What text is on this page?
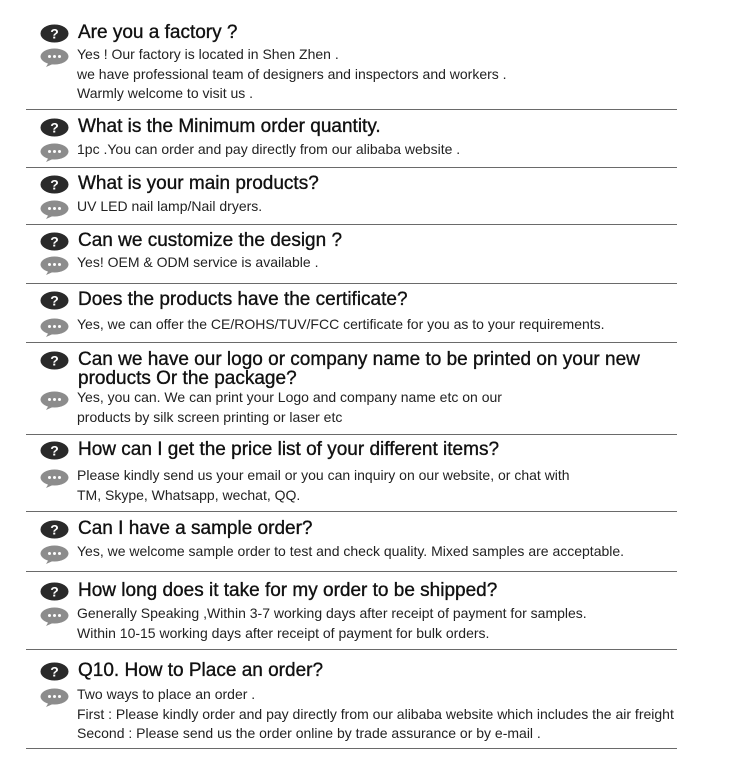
? Are you a factory ?
Yes ! Our factory is located in Shen Zhen .
we have professional team of designers and inspectors and workers .
Warmly welcome to visit us .
? What is the Minimum order quantity.
1pc .You can order and pay directly from our alibaba website .
? What is your main products?
UV LED nail lamp/Nail dryers.
? Can we customize the design ?
Yes! OEM & ODM service is available .
? Does the products have the certificate?
Yes, we can offer the CE/ROHS/TUV/FCC certificate for you as to your requirements.
? Can we have our logo or company name to be printed on your new products Or the package?
Yes, you can. We can print your Logo and company name etc on our
products by silk screen printing or laser etc
? How can I get the price list of your different items?
Please kindly send us your email or you can inquiry on our website, or chat with
TM, Skype, Whatsapp, wechat, QQ.
? Can I have a sample order?
Yes, we welcome sample order to test and check quality. Mixed samples are acceptable.
? How long does it take for my order to be shipped?
Generally Speaking ,Within 3-7 working days after receipt of payment for samples.
Within 10-15 working days after receipt of payment for bulk orders.
? Q10. How to Place an order?
Two ways to place an order .
First : Please kindly order and pay directly from our alibaba website which includes the air freight
Second : Please send us the order online by trade assurance or by e-mail .
